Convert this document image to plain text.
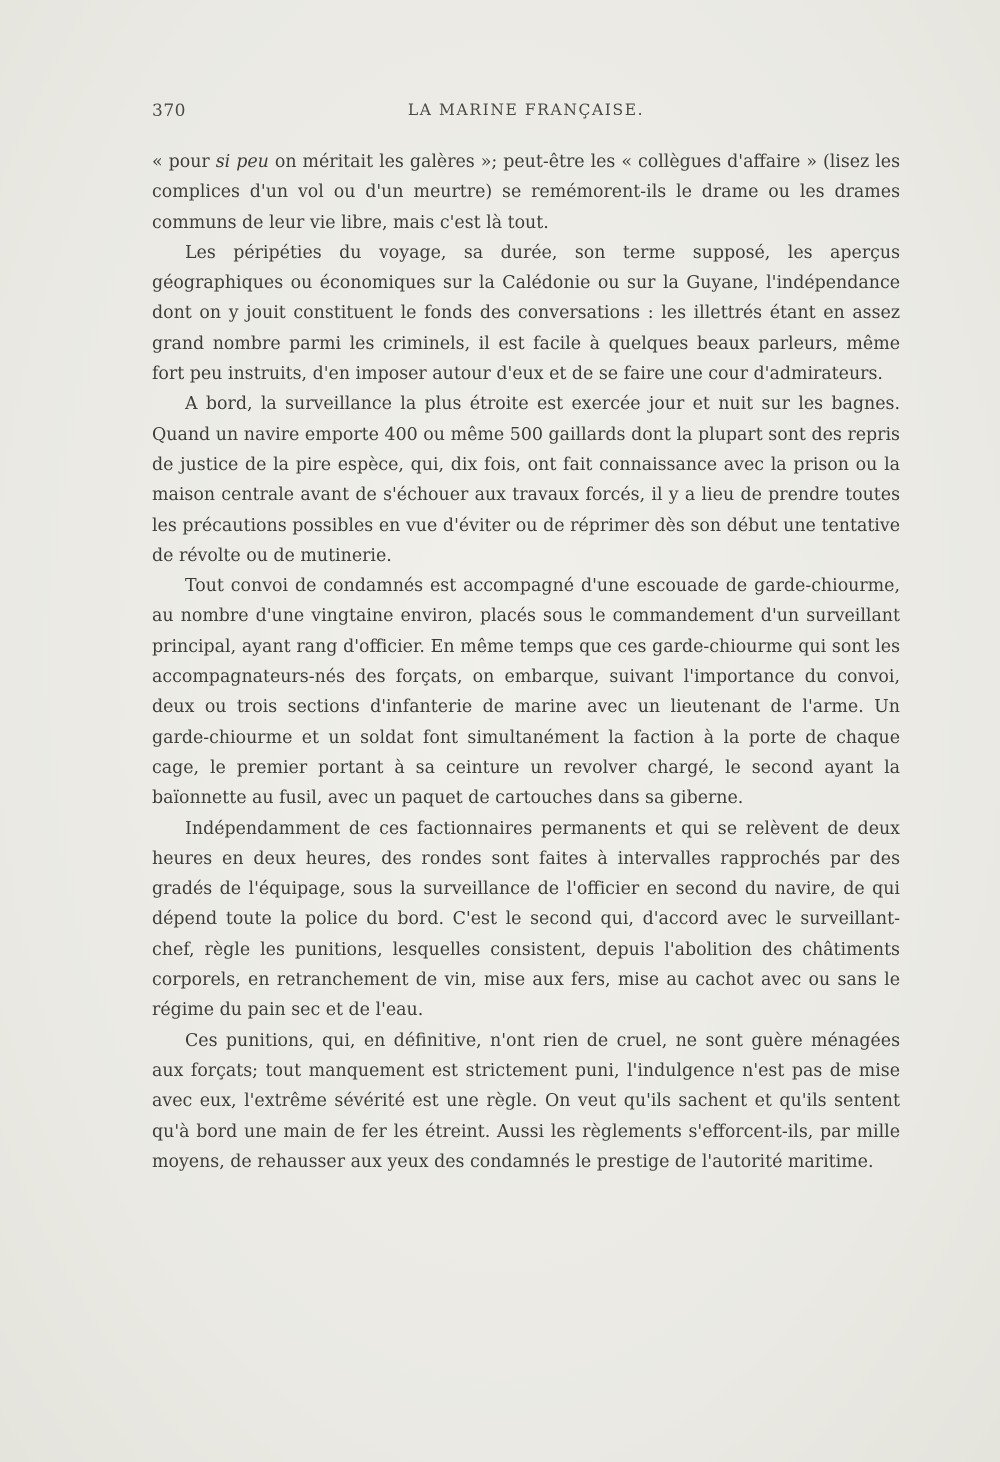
370	LA MARINE FRANÇAISE.

« pour si peu on méritait les galères »; peut-être les « collègues d'affaire » (lisez les complices d'un vol ou d'un meurtre) se remémorent-ils le drame ou les drames communs de leur vie libre, mais c'est là tout.

Les péripéties du voyage, sa durée, son terme supposé, les aperçus géographiques ou économiques sur la Calédonie ou sur la Guyane, l'indépendance dont on y jouit constituent le fonds des conversations : les illettrés étant en assez grand nombre parmi les criminels, il est facile à quelques beaux parleurs, même fort peu instruits, d'en imposer autour d'eux et de se faire une cour d'admirateurs.

A bord, la surveillance la plus étroite est exercée jour et nuit sur les bagnes. Quand un navire emporte 400 ou même 500 gaillards dont la plupart sont des repris de justice de la pire espèce, qui, dix fois, ont fait connaissance avec la prison ou la maison centrale avant de s'échouer aux travaux forcés, il y a lieu de prendre toutes les précautions possibles en vue d'éviter ou de réprimer dès son début une tentative de révolte ou de mutinerie.

Tout convoi de condamnés est accompagné d'une escouade de garde-chiourme, au nombre d'une vingtaine environ, placés sous le commandement d'un surveillant principal, ayant rang d'officier. En même temps que ces garde-chiourme qui sont les accompagnateurs-nés des forçats, on embarque, suivant l'importance du convoi, deux ou trois sections d'infanterie de marine avec un lieutenant de l'arme. Un garde-chiourme et un soldat font simultanément la faction à la porte de chaque cage, le premier portant à sa ceinture un revolver chargé, le second ayant la baïonnette au fusil, avec un paquet de cartouches dans sa giberne.

Indépendamment de ces factionnaires permanents et qui se relèvent de deux heures en deux heures, des rondes sont faites à intervalles rapprochés par des gradés de l'équipage, sous la surveillance de l'officier en second du navire, de qui dépend toute la police du bord. C'est le second qui, d'accord avec le surveillant-chef, règle les punitions, lesquelles consistent, depuis l'abolition des châtiments corporels, en retranchement de vin, mise aux fers, mise au cachot avec ou sans le régime du pain sec et de l'eau.

Ces punitions, qui, en définitive, n'ont rien de cruel, ne sont guère ménagées aux forçats; tout manquement est strictement puni, l'indulgence n'est pas de mise avec eux, l'extrême sévérité est une règle. On veut qu'ils sachent et qu'ils sentent qu'à bord une main de fer les étreint. Aussi les règlements s'efforcent-ils, par mille moyens, de rehausser aux yeux des condamnés le prestige de l'autorité maritime.
